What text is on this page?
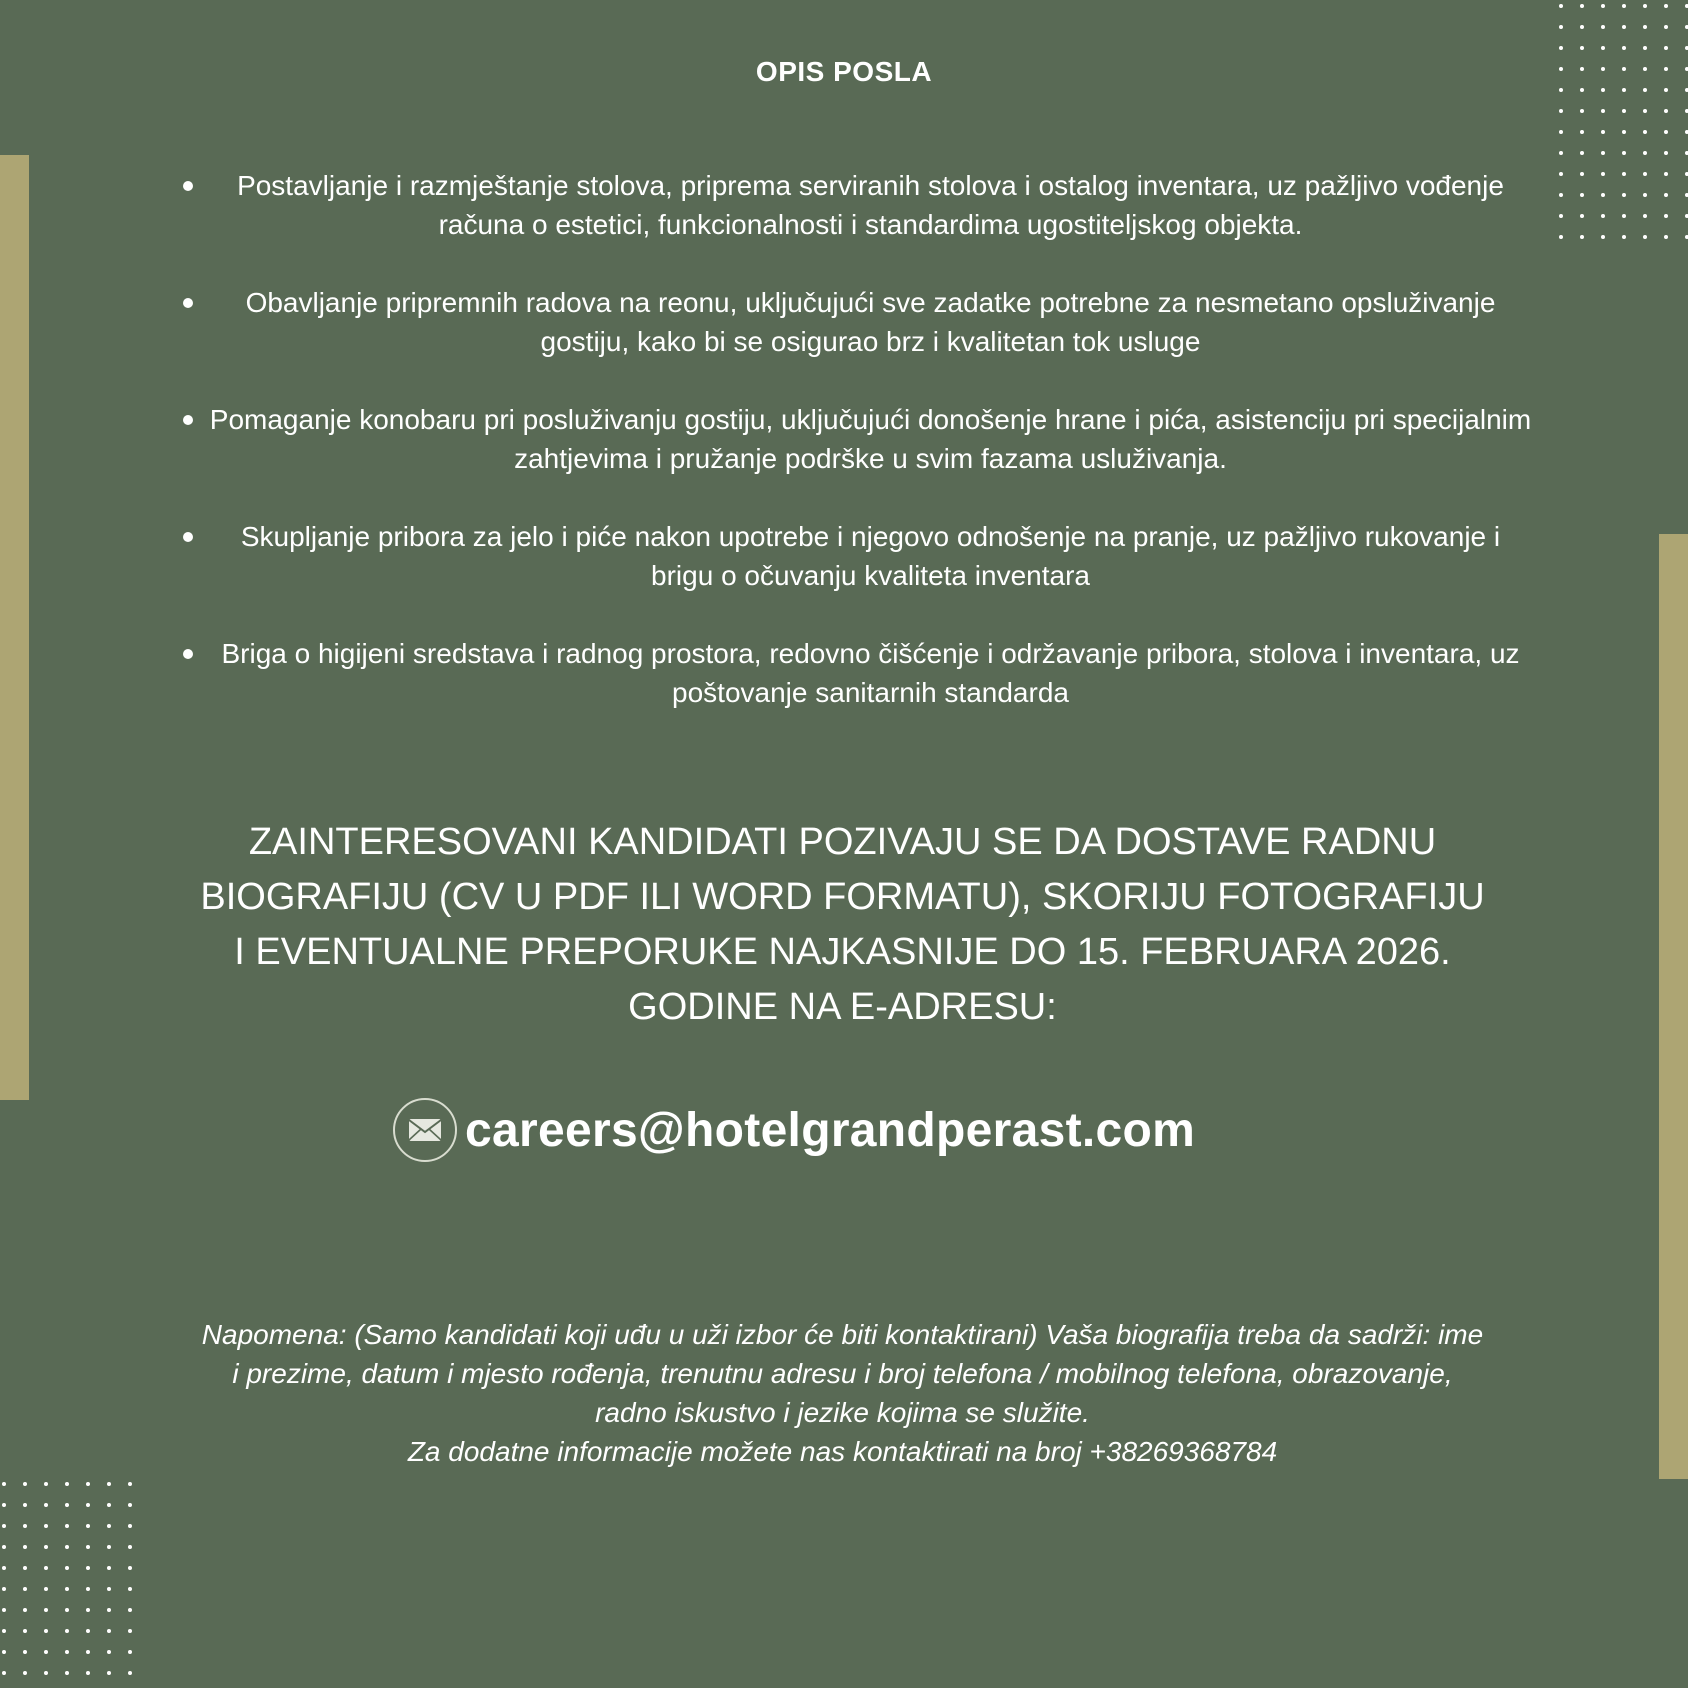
OPIS POSLA
Postavljanje i razmještanje stolova, priprema serviranih stolova i ostalog inventara, uz pažljivo vođenje računa o estetici, funkcionalnosti i standardima ugostiteljskog objekta.
Obavljanje pripremnih radova na reonu, uključujući sve zadatke potrebne za nesmetano opsluživanje gostiju, kako bi se osigurao brz i kvalitetan tok usluge
Pomaganje konobaru pri posluživanju gostiju, uključujući donošenje hrane i pića, asistenciju pri specijalnim zahtjevima i pružanje podrške u svim fazama usluživanja.
Skupljanje pribora za jelo i piće nakon upotrebe i njegovo odnošenje na pranje, uz pažljivo rukovanje i brigu o očuvanju kvaliteta inventara
Briga o higijeni sredstava i radnog prostora, redovno čišćenje i održavanje pribora, stolova i inventara, uz poštovanje sanitarnih standarda
ZAINTERESOVANI KANDIDATI POZIVAJU SE DA DOSTAVE RADNU BIOGRAFIJU (CV U PDF ILI WORD FORMATU), SKORIJU FOTOGRAFIJU I EVENTUALNE PREPORUKE NAJKASNIJE DO 15. FEBRUARA 2026. GODINE NA E-ADRESU:
careers@hotelgrandperast.com

Napomena: (Samo kandidati koji uđu u uži izbor će biti kontaktirani) Vaša biografija treba da sadrži: ime i prezime, datum i mjesto rođenja, trenutnu adresu i broj telefona / mobilnog telefona, obrazovanje, radno iskustvo i jezike kojima se služite.

Za dodatne informacije možete nas kontaktirati na broj +38269368784
